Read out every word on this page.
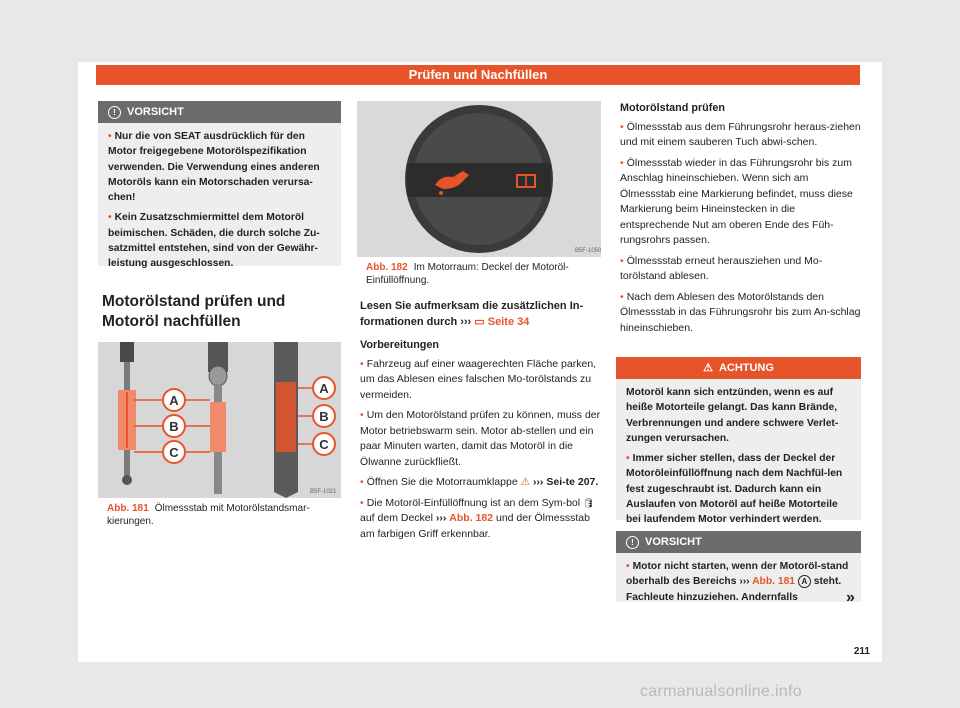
Prüfen und Nachfüllen
! VORSICHT

• Nur die von SEAT ausdrücklich für den Motor freigegebene Motorölspezifikation verwenden. Die Verwendung eines anderen Motoröls kann ein Motorschaden verursa-chen!

• Kein Zusatzschmiermittel dem Motoröl beimischen. Schäden, die durch solche Zu-satzmittel entstehen, sind von der Gewähr-leistung ausgeschlossen.

Motorölstand prüfen und Motoröl nachfüllen
A
B
C
A
B
C
B5F-1021
Abb. 181 Ölmessstab mit Motorölstandsmar-kierungen.
B5F-1050
Abb. 182 Im Motorraum: Deckel der Motoröl-Einfüllöffnung.

Lesen Sie aufmerksam die zusätzlichen In-formationen durch ››› ▭ Seite 34

Vorbereitungen

• Fahrzeug auf einer waagerechten Fläche parken, um das Ablesen eines falschen Mo-torölstands zu vermeiden.

• Um den Motorölstand prüfen zu können, muss der Motor betriebswarm sein. Motor ab-stellen und ein paar Minuten warten, damit das Motoröl in die Ölwanne zurückfließt.

• Öffnen Sie die Motorraumklappe ⚠ ››› Sei-te 207.

• Die Motoröl-Einfüllöffnung ist an dem Sym-bol 🛢 auf dem Deckel ››› Abb. 182 und der Ölmessstab am farbigen Griff erkennbar.

Motorölstand prüfen

• Ölmessstab aus dem Führungsrohr heraus-ziehen und mit einem sauberen Tuch abwi-schen.

• Ölmessstab wieder in das Führungsrohr bis zum Anschlag hineinschieben. Wenn sich am Ölmessstab eine Markierung befindet, muss diese Markierung beim Hineinstecken in die entsprechende Nut am oberen Ende des Füh-rungsrohrs passen.

• Ölmessstab erneut herausziehen und Mo-torölstand ablesen.

• Nach dem Ablesen des Motorölstands den Ölmessstab in das Führungsrohr bis zum An-schlag hineinschieben.

⚠ ACHTUNG

Motoröl kann sich entzünden, wenn es auf heiße Motorteile gelangt. Das kann Brände, Verbrennungen und andere schwere Verlet-zungen verursachen.

• Immer sicher stellen, dass der Deckel der Motoröleinfüllöffnung nach dem Nachfül-len fest zugeschraubt ist. Dadurch kann ein Auslaufen von Motoröl auf heiße Motorteile bei laufendem Motor verhindert werden.

! VORSICHT

• Motor nicht starten, wenn der Motoröl-stand oberhalb des Bereichs ››› Abb. 181 A steht. Fachleute hinzuziehen. Andernfalls	»
211
carmanualsonline.info
